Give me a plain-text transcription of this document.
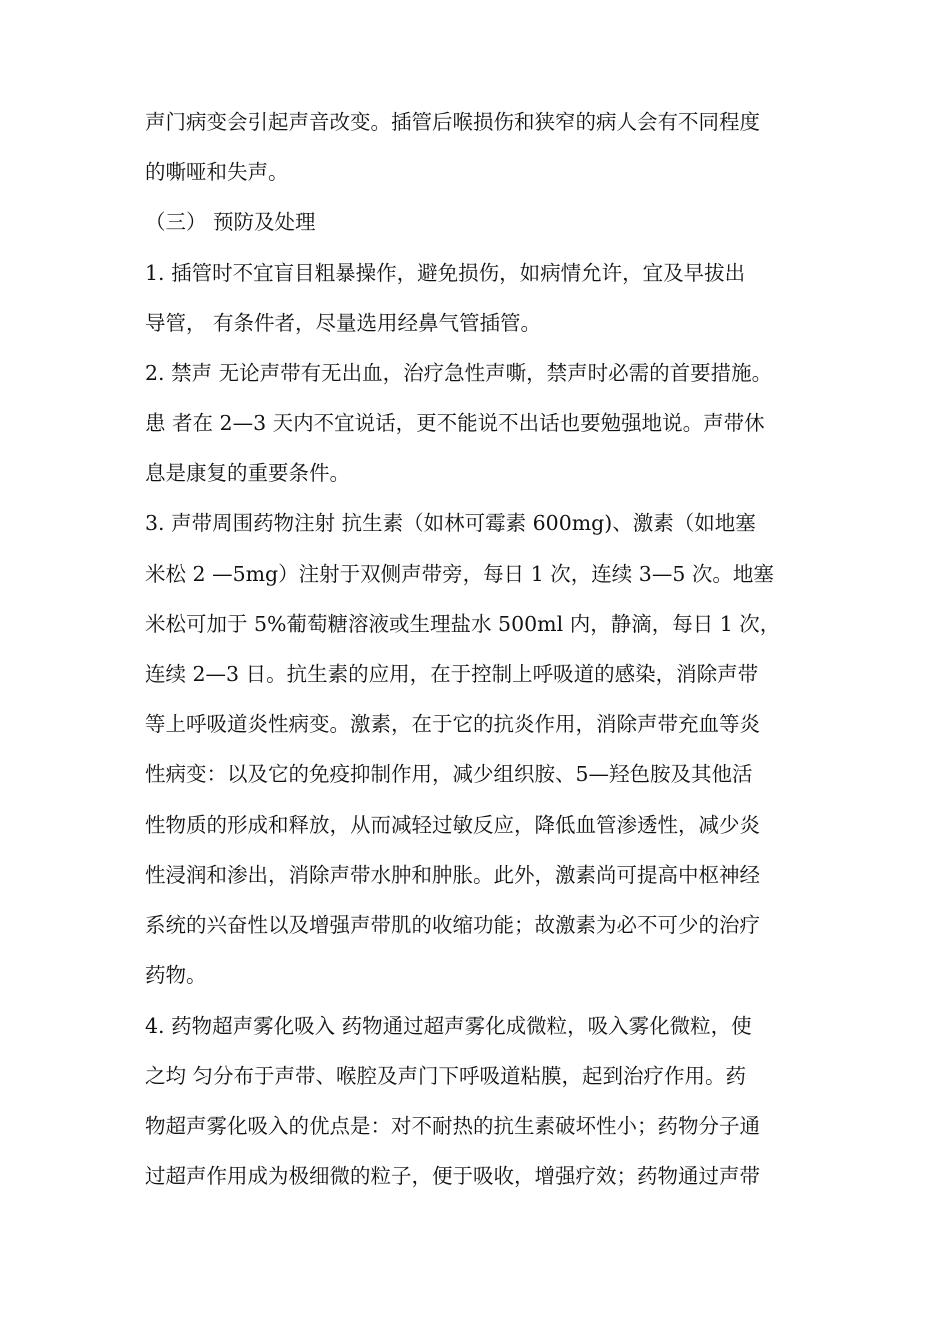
声门病变会引起声音改变。插管后喉损伤和狭窄的病人会有不同程度
的嘶哑和失声。
（三） 预防及处理
1. 插管时不宜盲目粗暴操作，避免损伤，如病情允许，宜及早拔出
导管， 有条件者，尽量选用经鼻气管插管。
2. 禁声 无论声带有无出血，治疗急性声嘶，禁声时必需的首要措施。
患 者在 2—3 天内不宜说话，更不能说不出话也要勉强地说。声带休
息是康复的重要条件。
3. 声带周围药物注射 抗生素（如林可霉素 600mg)、激素（如地塞
米松 2 —5mg）注射于双侧声带旁，每日 1 次，连续 3—5 次。地塞
米松可加于 5%葡萄糖溶液或生理盐水 500ml 内，静滴，每日 1 次，
连续 2—3 日。抗生素的应用，在于控制上呼吸道的感染，消除声带
等上呼吸道炎性病变。激素，在于它的抗炎作用，消除声带充血等炎
性病变：以及它的免疫抑制作用，减少组织胺、5—羟色胺及其他活
性物质的形成和释放，从而减轻过敏反应，降低血管渗透性，减少炎
性浸润和渗出，消除声带水肿和肿胀。此外，激素尚可提高中枢神经
系统的兴奋性以及增强声带肌的收缩功能；故激素为必不可少的治疗
药物。
4. 药物超声雾化吸入 药物通过超声雾化成微粒，吸入雾化微粒，使
之均 匀分布于声带、喉腔及声门下呼吸道粘膜，起到治疗作用。药
物超声雾化吸入的优点是：对不耐热的抗生素破坏性小；药物分子通
过超声作用成为极细微的粒子，便于吸收，增强疗效；药物通过声带
